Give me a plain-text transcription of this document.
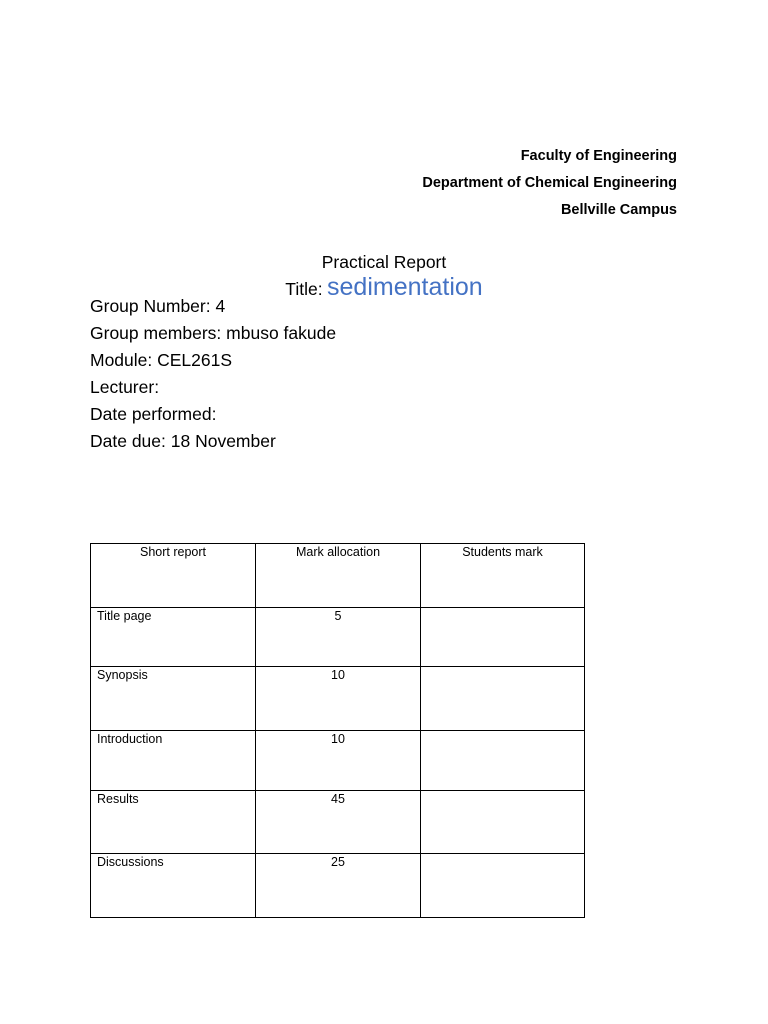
Faculty of Engineering
Department of Chemical Engineering
Bellville Campus
Practical Report
Title: sedimentation
Group Number: 4
Group members: mbuso fakude
Module: CEL261S
Lecturer:
Date performed:
Date due: 18 November
Short report	Mark allocation	Students mark
Title page	5	
Synopsis	10	
Introduction	10	
Results	45	
Discussions	25	
